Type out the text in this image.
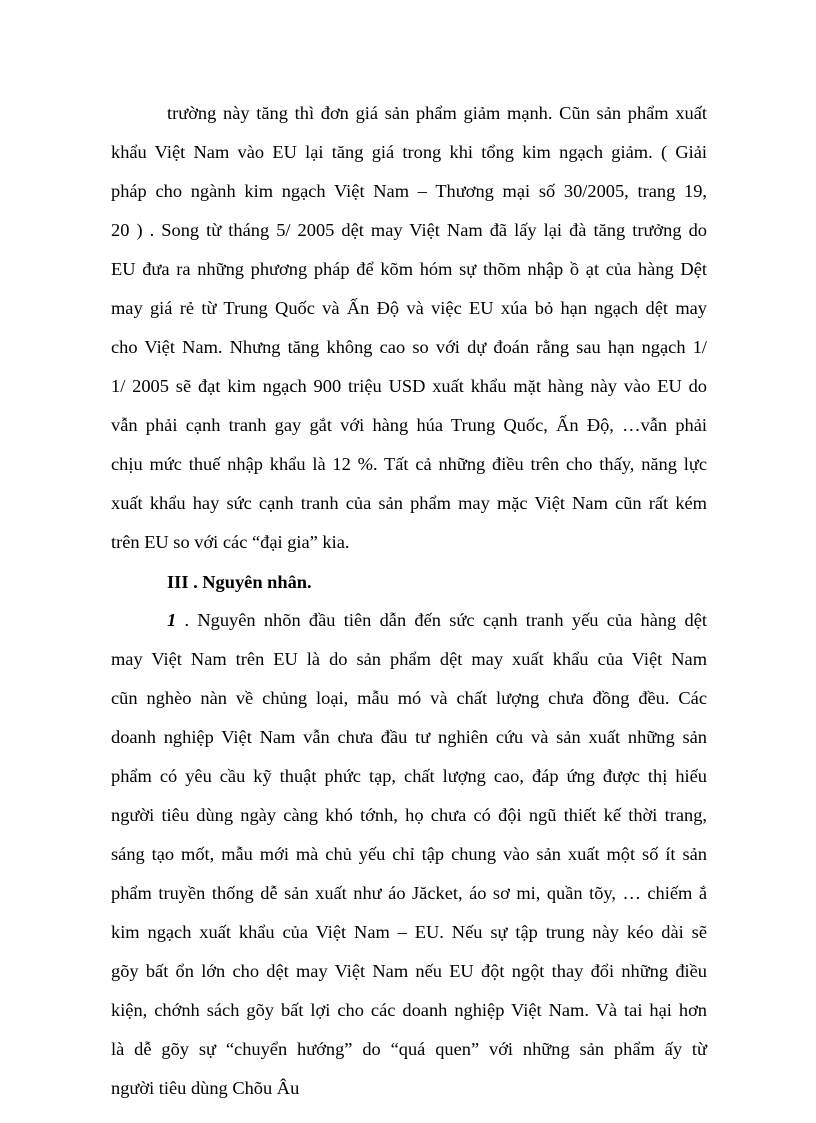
trường này tăng thì đơn giá sản phẩm giảm mạnh. Cũn sản phẩm xuất
khẩu Việt Nam vào EU lại tăng giá trong khi tổng kim ngạch giảm. ( Giải
pháp cho ngành kim ngạch Việt Nam – Thương mại số 30/2005, trang 19,
20 ) . Song từ tháng 5/ 2005 dệt may Việt Nam đã lấy lại đà tăng trưởng do
EU đưa ra những phương pháp để kõm hóm sự thõm nhập ồ ạt của hàng Dệt
may giá rẻ từ Trung Quốc và Ấn Độ và việc EU xúa bỏ hạn ngạch dệt may
cho Việt Nam. Nhưng tăng không cao so với dự đoán rằng sau hạn ngạch 1/
1/ 2005 sẽ đạt kim ngạch 900 triệu USD xuất khẩu mặt hàng này vào EU do
vẫn phải cạnh tranh gay gắt với hàng húa Trung Quốc, Ấn Độ, …vẫn phải
chịu mức thuế nhập khẩu là 12 %. Tất cả những điều trên cho thấy, năng lực
xuất khẩu hay sức cạnh tranh của sản phẩm may mặc Việt Nam cũn rất kém
trên EU so với các “đại gia” kia.
III . Nguyên nhân.
1 . Nguyên nhõn đầu tiên dẫn đến sức cạnh tranh yếu của hàng dệt
may Việt Nam trên EU là do sản phẩm dệt may xuất khẩu của Việt Nam
cũn nghèo nàn về chủng loại, mẫu mó và chất lượng chưa đồng đều. Các
doanh nghiệp Việt Nam vẫn chưa đầu tư nghiên cứu và sản xuất những sản
phẩm có yêu cầu kỹ thuật phức tạp, chất lượng cao, đáp ứng được thị hiếu
người tiêu dùng ngày càng khó tớnh, họ chưa có đội ngũ thiết kế thời trang,
sáng tạo mốt, mẫu mới mà chủ yếu chỉ tập chung vào sản xuất một số ít sản
phẩm truyền thống dễ sản xuất như áo Jăcket, áo sơ mi, quần tõy, … chiếm ắ
kim ngạch xuất khẩu của Việt Nam – EU. Nếu sự tập trung này kéo dài sẽ
gõy bất ổn lớn cho dệt may Việt Nam nếu EU đột ngột thay đổi những điều
kiện, chớnh sách gõy bất lợi cho các doanh nghiệp Việt Nam. Và tai hại hơn
là dễ gõy sự “chuyển hướng” do “quá quen” với những sản phẩm ấy từ
người tiêu dùng Chõu Âu
